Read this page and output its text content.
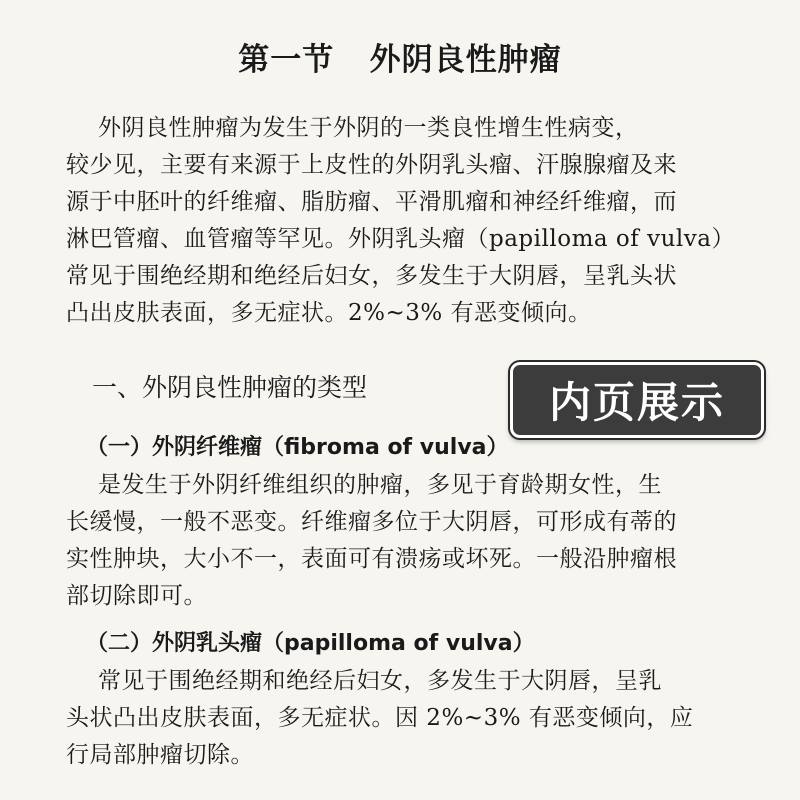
第一节   外阴良性肿瘤

外阴良性肿瘤为发生于外阴的一类良性增生性病变，
较少见，主要有来源于上皮性的外阴乳头瘤、汗腺腺瘤及来
源于中胚叶的纤维瘤、脂肪瘤、平滑肌瘤和神经纤维瘤，而
淋巴管瘤、血管瘤等罕见。外阴乳头瘤（papilloma of vulva）
常见于围绝经期和绝经后妇女，多发生于大阴唇，呈乳头状
凸出皮肤表面，多无症状。2%~3% 有恶变倾向。

一、外阴良性肿瘤的类型	内页展示
（一）外阴纤维瘤（fibroma of vulva）

是发生于外阴纤维组织的肿瘤，多见于育龄期女性，生
长缓慢，一般不恶变。纤维瘤多位于大阴唇，可形成有蒂的
实性肿块，大小不一，表面可有溃疡或坏死。一般沿肿瘤根
部切除即可。

（二）外阴乳头瘤（papilloma of vulva）

常见于围绝经期和绝经后妇女，多发生于大阴唇，呈乳
头状凸出皮肤表面，多无症状。因 2%~3% 有恶变倾向，应
行局部肿瘤切除。
